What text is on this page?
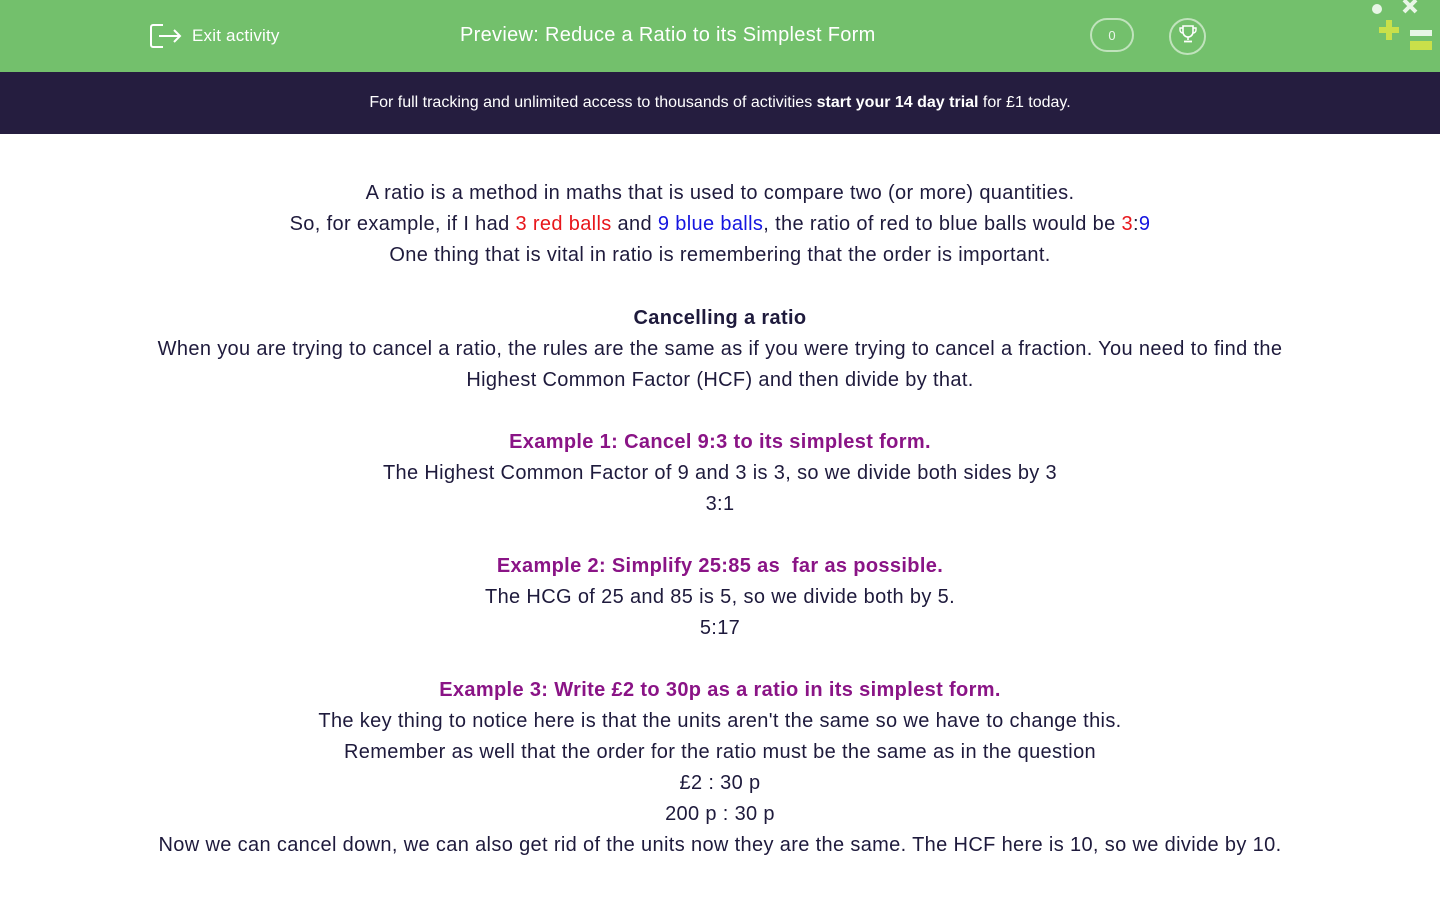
Exit activity	Preview: Reduce a Ratio to its Simplest Form	0
For full tracking and unlimited access to thousands of activities start your 14 day trial for £1 today.

A ratio is a method in maths that is used to compare two (or more) quantities.

So, for example, if I had 3 red balls and 9 blue balls, the ratio of red to blue balls would be 3:9

One thing that is vital in ratio is remembering that the order is important.

Cancelling a ratio

When you are trying to cancel a ratio, the rules are the same as if you were trying to cancel a fraction. You need to find the Highest Common Factor (HCF) and then divide by that.

Example 1: Cancel 9:3 to its simplest form.

The Highest Common Factor of 9 and 3 is 3, so we divide both sides by 3

3:1

Example 2: Simplify 25:85 as  far as possible.

The HCG of 25 and 85 is 5, so we divide both by 5.

5:17

Example 3: Write £2 to 30p as a ratio in its simplest form.

The key thing to notice here is that the units aren't the same so we have to change this.

Remember as well that the order for the ratio must be the same as in the question

£2 : 30 p

200 p : 30 p

Now we can cancel down, we can also get rid of the units now they are the same. The HCF here is 10, so we divide by 10.
